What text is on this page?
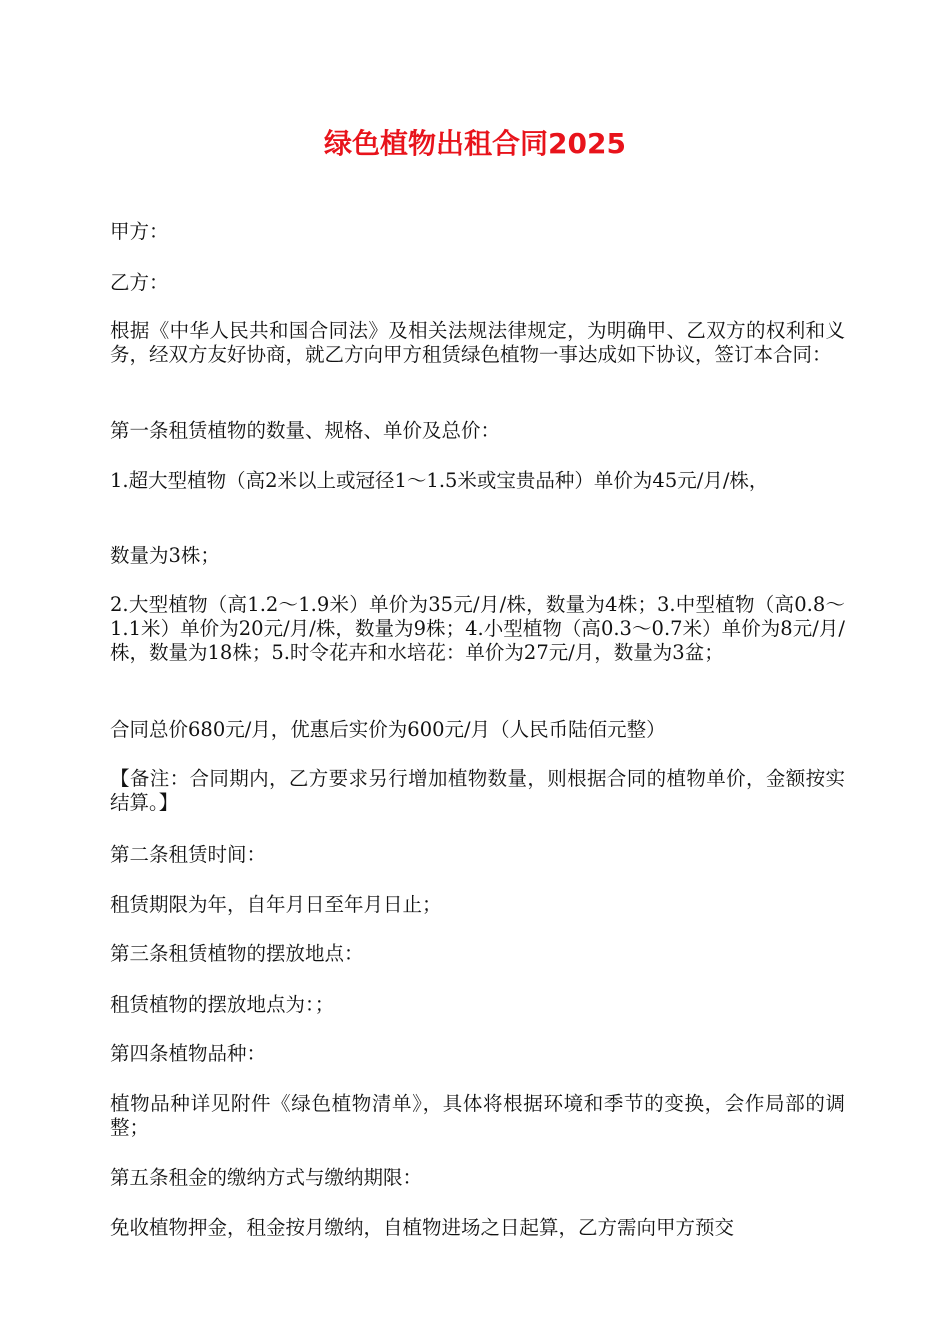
绿色植物出租合同2025

甲方：

乙方：

根据《中华人民共和国合同法》及相关法规法律规定，为明确甲、乙双方的权利和义务，经双方友好协商，就乙方向甲方租赁绿色植物一事达成如下协议，签订本合同：

第一条租赁植物的数量、规格、单价及总价：

1.超大型植物（高2米以上或冠径1～1.5米或宝贵品种）单价为45元/月/株，

数量为3株；

2.大型植物（高1.2～1.9米）单价为35元/月/株，数量为4株；3.中型植物（高0.8～1.1米）单价为20元/月/株，数量为9株；4.小型植物（高0.3～0.7米）单价为8元/月/株，数量为18株；5.时令花卉和水培花：单价为27元/月，数量为3盆；

合同总价680元/月，优惠后实价为600元/月（人民币陆佰元整）

【备注：合同期内，乙方要求另行增加植物数量，则根据合同的植物单价，金额按实结算。】

第二条租赁时间：

租赁期限为年，自年月日至年月日止；

第三条租赁植物的摆放地点：

租赁植物的摆放地点为：；

第四条植物品种：

植物品种详见附件《绿色植物清单》，具体将根据环境和季节的变换，会作局部的调整；

第五条租金的缴纳方式与缴纳期限：

免收植物押金，租金按月缴纳，自植物进场之日起算，乙方需向甲方预交
